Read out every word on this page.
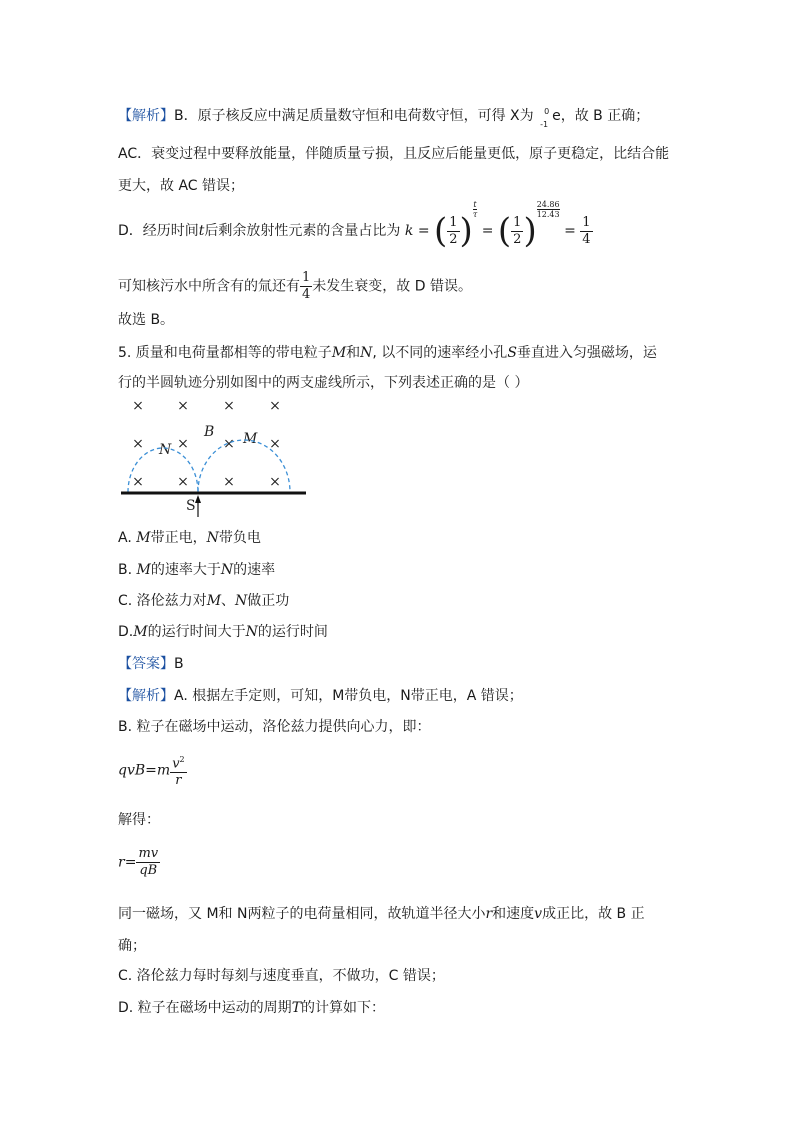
【解析】B．原子核反应中满足质量数守恒和电荷数守恒，可得 X为 0
-1
e，故 B 正确；
AC．衰变过程中要释放能量，伴随质量亏损，且反应后能量更低，原子更稳定，比结合能
更大，故 AC 错误；
D．经历时间t后剩余放射性元素的含量占比为 k = ( $\frac{1}{2}$ )
$\frac{t}{\tau}$
= ( $\frac{1}{2}$ )
$\frac{24.86}{12.43}$
= $\frac{1}{4}$
可知核污水中所含有的氚还有 $\frac{1}{4}$ 未发生衰变，故 D 错误。
故选 B。
5. 质量和电荷量都相等的带电粒子M和N, 以不同的速率经小孔S垂直进入匀强磁场，运
行的半圆轨迹分别如图中的两支虚线所示，下列表述正确的是（ ）
× × × ×
× × × ×
× × × ×
B
N
M
S
A. M带正电，N带负电
B. M的速率大于N的速率
C. 洛伦兹力对M、N做正功
D.M的运行时间大于N的运行时间
【答案】B
【解析】A. 根据左手定则，可知，M带负电，N带正电，A 错误；
B. 粒子在磁场中运动，洛伦兹力提供向心力，即：
$qvB=m \frac{v^2}{r}$
解得：
$r= \frac{mv}{qB}$
同一磁场，又 M和 N两粒子的电荷量相同，故轨道半径大小r和速度v成正比，故 B 正
确；
C. 洛伦兹力每时每刻与速度垂直，不做功，C 错误；
D. 粒子在磁场中运动的周期T的计算如下：
